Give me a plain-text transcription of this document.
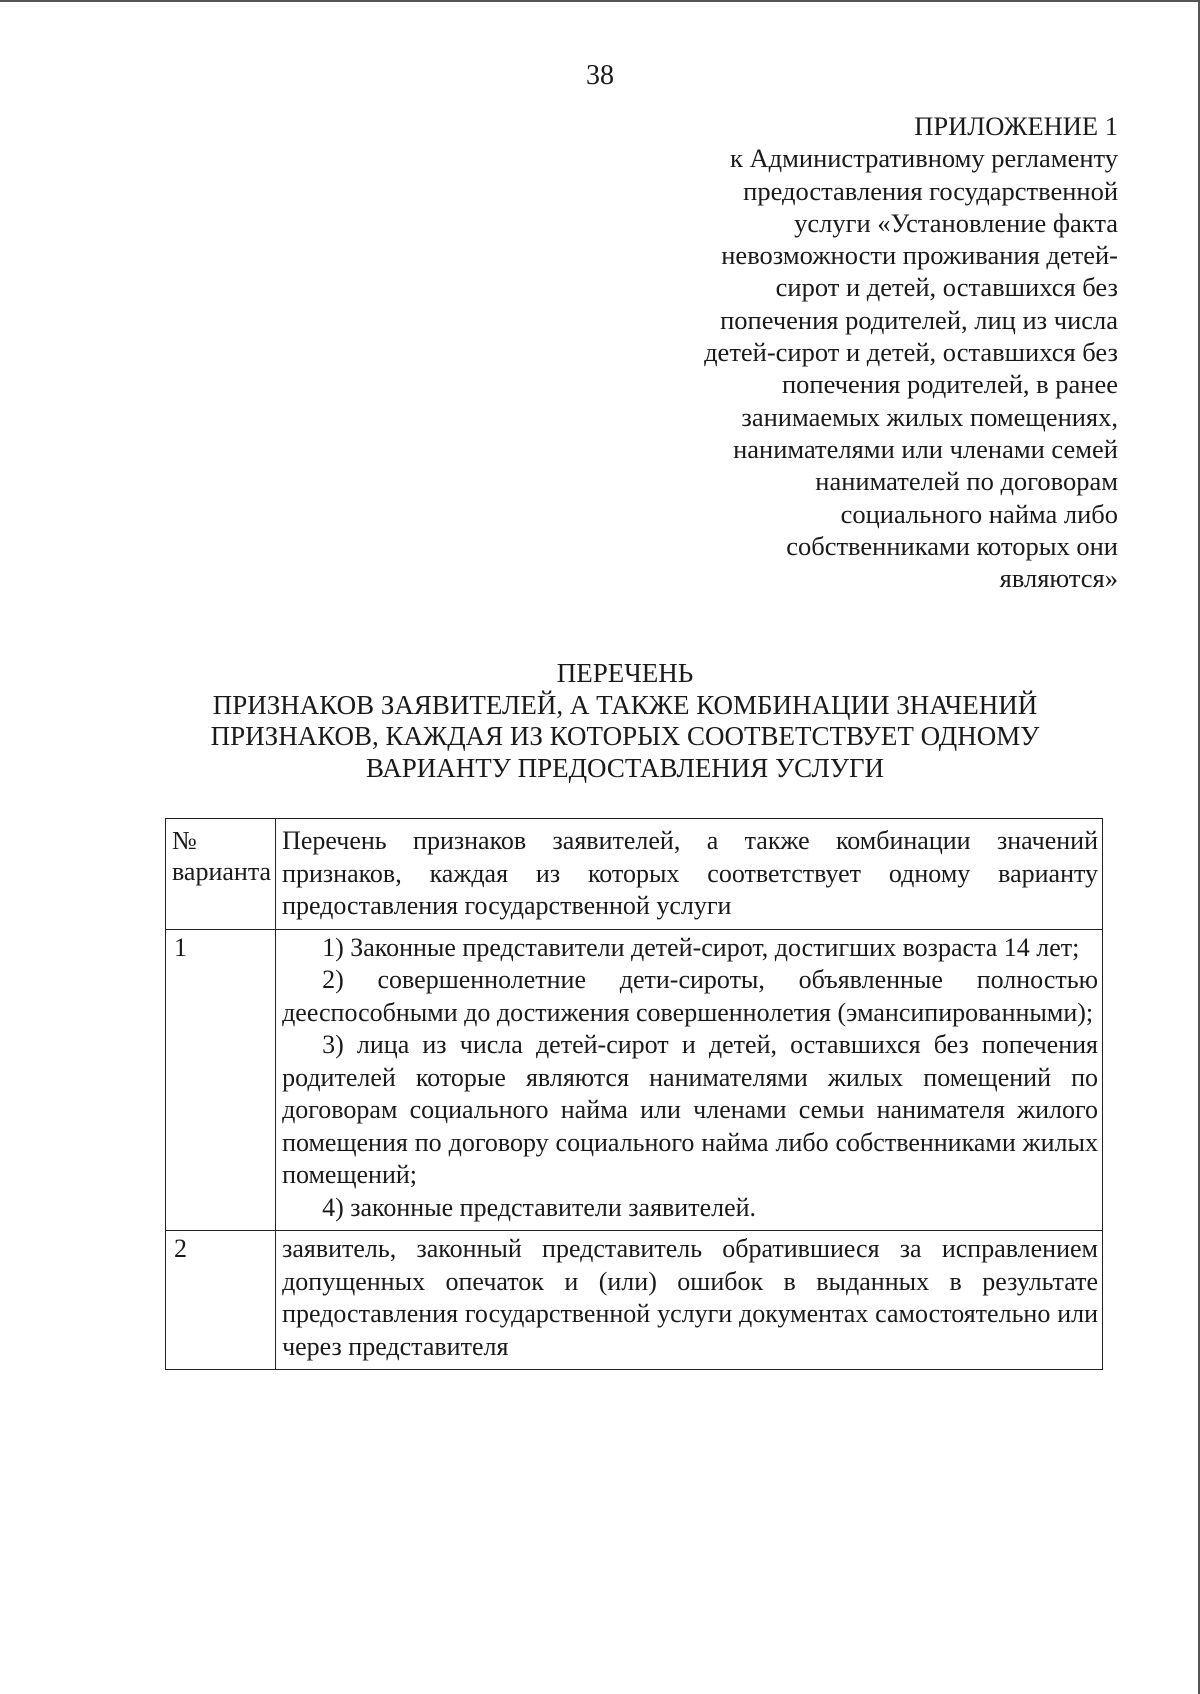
38
ПРИЛОЖЕНИЕ 1
к Административному регламенту
предоставления государственной
услуги «Установление факта
невозможности проживания детей-
сирот и детей, оставшихся без
попечения родителей, лиц из числа
детей-сирот и детей, оставшихся без
попечения родителей, в ранее
занимаемых жилых помещениях,
нанимателями или членами семей
нанимателей по договорам
социального найма либо
собственниками которых они
являются»
ПЕРЕЧЕНЬ
ПРИЗНАКОВ ЗАЯВИТЕЛЕЙ, А ТАКЖЕ КОМБИНАЦИИ ЗНАЧЕНИЙ
ПРИЗНАКОВ, КАЖДАЯ ИЗ КОТОРЫХ СООТВЕТСТВУЕТ ОДНОМУ
ВАРИАНТУ ПРЕДОСТАВЛЕНИЯ УСЛУГИ
№ варианта	Перечень признаков заявителей, а также комбинации значений признаков, каждая из которых соответствует одному варианту предоставления государственной услуги
1	1) Законные представители детей-сирот, достигших возраста 14 лет;

2) совершеннолетние дети-сироты, объявленные полностью дееспособными до достижения совершеннолетия (эмансипированными);

3) лица из числа детей-сирот и детей, оставшихся без попечения родителей которые являются нанимателями жилых помещений по договорам социального найма или членами семьи нанимателя жилого помещения по договору социального найма либо собственниками жилых помещений;

4) законные представители заявителей.

2	заявитель, законный представитель обратившиеся за исправлением допущенных опечаток и (или) ошибок в выданных в результате предоставления государственной услуги документах самостоятельно или через представителя
